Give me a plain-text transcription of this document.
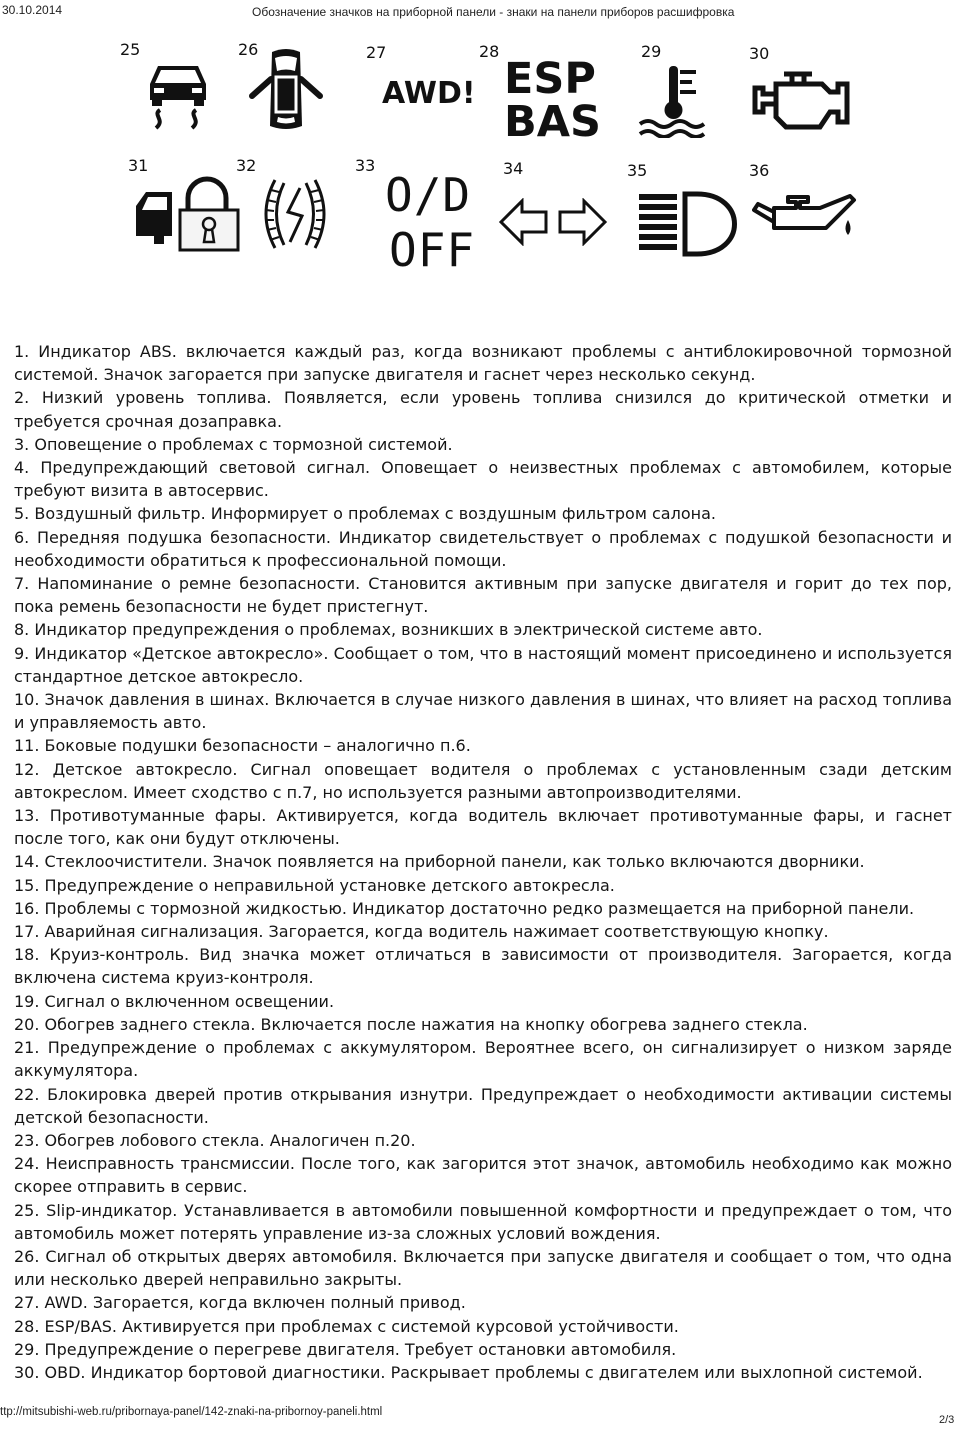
30.10.2014	Обозначение значков на приборной панели - знаки на панели приборов расшифровка
25	26	27
AWD!
28
ESP
BAS
29	30
31	32	33
O/D
OFF
34	35	36

1. Индикатор ABS. включается каждый раз, когда возникают проблемы с антиблокировочной тормозной системой. Значок загорается при запуске двигателя и гаснет через несколько секунд.

2. Низкий уровень топлива. Появляется, если уровень топлива снизился до критической отметки и требуется срочная дозаправка.

3. Оповещение о проблемах с тормозной системой.

4. Предупреждающий световой сигнал. Оповещает о неизвестных проблемах с автомобилем, которые требуют визита в автосервис.

5. Воздушный фильтр. Информирует о проблемах с воздушным фильтром салона.

6. Передняя подушка безопасности. Индикатор свидетельствует о проблемах с подушкой безопасности и необходимости обратиться к профессиональной помощи.

7. Напоминание о ремне безопасности. Становится активным при запуске двигателя и горит до тех пор, пока ремень безопасности не будет пристегнут.

8. Индикатор предупреждения о проблемах, возникших в электрической системе авто.

9. Индикатор «Детское автокресло». Сообщает о том, что в настоящий момент присоединено и используется стандартное детское автокресло.

10. Значок давления в шинах. Включается в случае низкого давления в шинах, что влияет на расход топлива и управляемость авто.

11. Боковые подушки безопасности – аналогично п.6.

12. Детское автокресло. Сигнал оповещает водителя о проблемах с установленным сзади детским автокреслом. Имеет сходство с п.7, но используется разными автопроизводителями.

13. Противотуманные фары. Активируется, когда водитель включает противотуманные фары, и гаснет после того, как они будут отключены.

14. Стеклоочистители. Значок появляется на приборной панели, как только включаются дворники.

15. Предупреждение о неправильной установке детского автокресла.

16. Проблемы с тормозной жидкостью. Индикатор достаточно редко размещается на приборной панели.

17. Аварийная сигнализация. Загорается, когда водитель нажимает соответствующую кнопку.

18. Круиз-контроль. Вид значка может отличаться в зависимости от производителя. Загорается, когда включена система круиз-контроля.

19. Сигнал о включенном освещении.

20. Обогрев заднего стекла. Включается после нажатия на кнопку обогрева заднего стекла.

21. Предупреждение о проблемах с аккумулятором. Вероятнее всего, он сигнализирует о низком заряде аккумулятора.

22. Блокировка дверей против открывания изнутри. Предупреждает о необходимости активации системы детской безопасности.

23. Обогрев лобового стекла. Аналогичен п.20.

24. Неисправность трансмиссии. После того, как загорится этот значок, автомобиль необходимо как можно скорее отправить в сервис.

25. Slip-индикатор. Устанавливается в автомобили повышенной комфортности и предупреждает о том, что автомобиль может потерять управление из-за сложных условий вождения.

26. Сигнал об открытых дверях автомобиля. Включается при запуске двигателя и сообщает о том, что одна или несколько дверей неправильно закрыты.

27. AWD. Загорается, когда включен полный привод.

28. ESP/BAS. Активируется при проблемах с системой курсовой устойчивости.

29. Предупреждение о перегреве двигателя. Требует остановки автомобиля.

30. OBD. Индикатор бортовой диагностики. Раскрывает проблемы с двигателем или выхлопной системой.

ttp://mitsubishi-web.ru/pribornaya-panel/142-znaki-na-pribornoy-paneli.html
2/3
